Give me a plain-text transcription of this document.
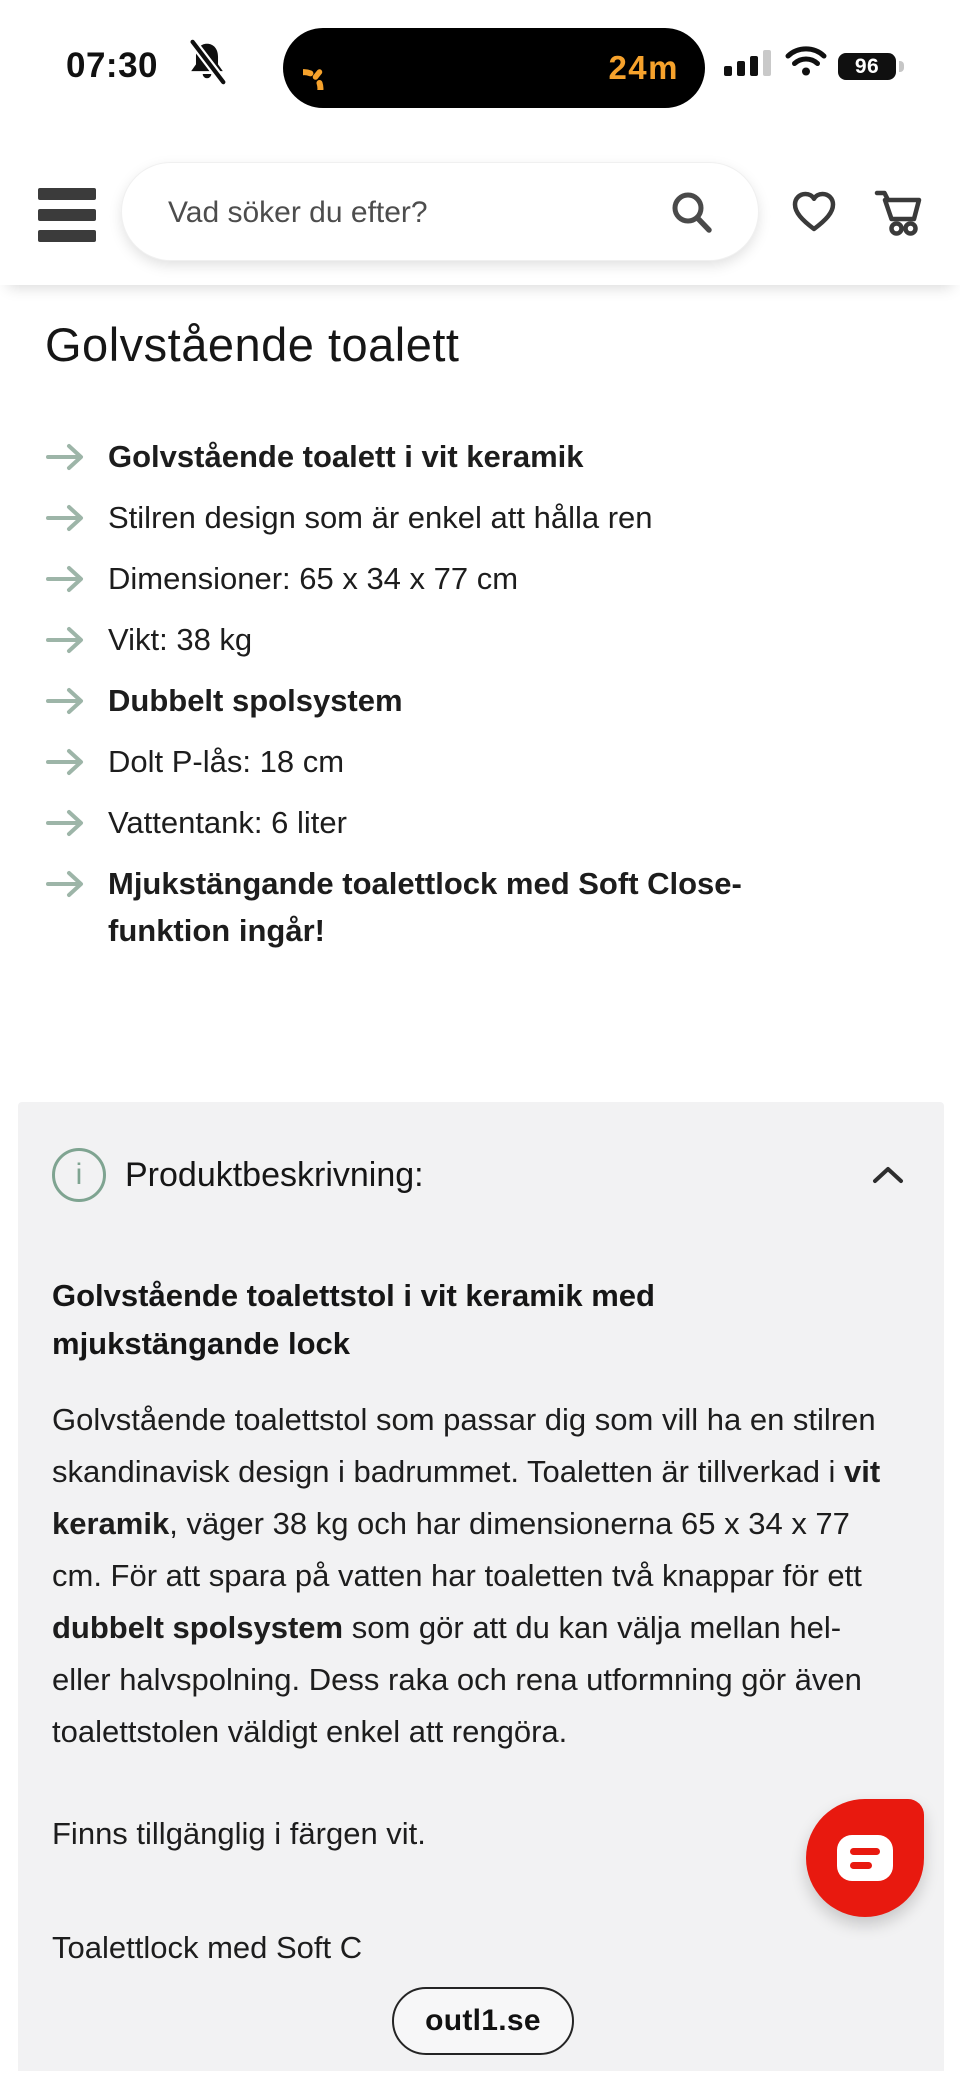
07:30	24m	96
Vad söker du efter?
Golvstående toalett
Golvstående toalett i vit keramik
Stilren design som är enkel att hålla ren
Dimensioner: 65 x 34 x 77 cm
Vikt: 38 kg
Dubbelt spolsystem
Dolt P-lås: 18 cm
Vattentank: 6 liter
Mjukstängande toalettlock med Soft Close-funktion ingår!
i Produktbeskrivning:
Golvstående toalettstol i vit keramik med mjukstängande lock

Golvstående toalettstol som passar dig som vill ha en stilren skandinavisk design i badrummet. Toaletten är tillverkad i vit keramik, väger 38 kg och har dimensionerna 65 x 34 x 77 cm. För att spara på vatten har toaletten två knappar för ett dubbelt spolsystem som gör att du kan välja mellan hel- eller halvspolning. Dess raka och rena utformning gör även toalettstolen väldigt enkel att rengöra.

Finns tillgänglig i färgen vit.

Toalettlock med Soft C

outl1.se
